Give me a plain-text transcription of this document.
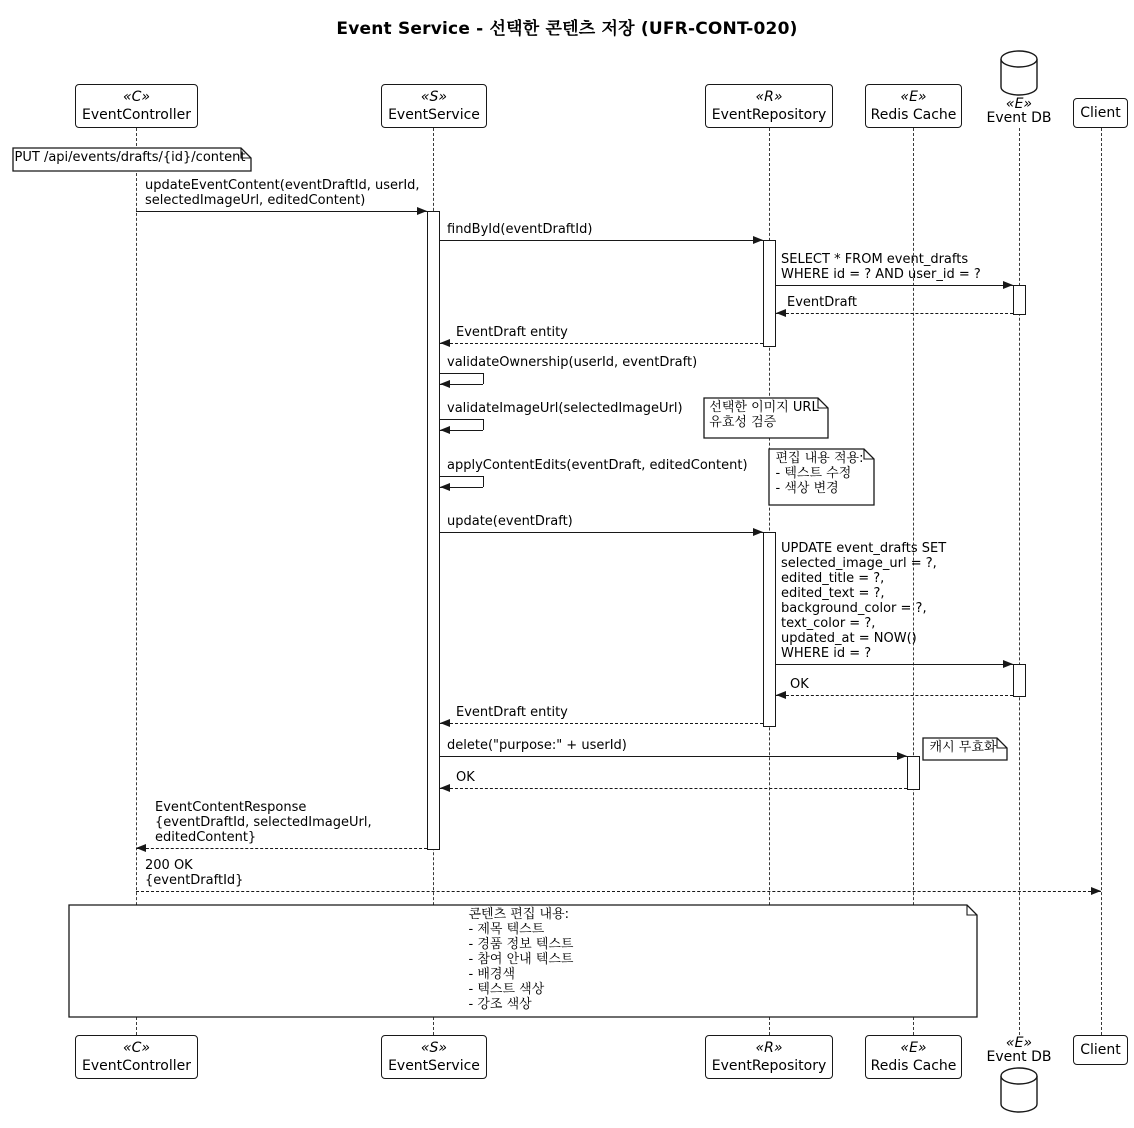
Event Service - 선택한 콘텐츠 저장 (UFR-CONT-020)
«C»
EventController
«C»
EventController
«S»
EventService
«S»
EventService
«R»
EventRepository
«R»
EventRepository
«E»
Redis Cache
«E»
Redis Cache
«E»
Event DB
«E»
Event DB
Client
Client
updateEventContent(eventDraftId, userId,
selectedImageUrl, editedContent)
findById(eventDraftId)
SELECT * FROM event_drafts
WHERE id = ? AND user_id = ?
EventDraft
EventDraft entity
validateOwnership(userId, eventDraft)
validateImageUrl(selectedImageUrl)
applyContentEdits(eventDraft, editedContent)
update(eventDraft)
UPDATE event_drafts SET
selected_image_url = ?,
edited_title = ?,
edited_text = ?,
background_color = ?,
text_color = ?,
updated_at = NOW()
WHERE id = ?
OK
EventDraft entity
delete("purpose:" + userId)
OK
EventContentResponse
{eventDraftId, selectedImageUrl,
editedContent}
200 OK
{eventDraftId}
PUT /api/events/drafts/{id}/content
선택한 이미지 URL
유효성 검증
편집 내용 적용:
- 텍스트 수정
- 색상 변경
캐시 무효화
콘텐츠 편집 내용:
- 제목 텍스트
- 경품 정보 텍스트
- 참여 안내 텍스트
- 배경색
- 텍스트 색상
- 강조 색상
